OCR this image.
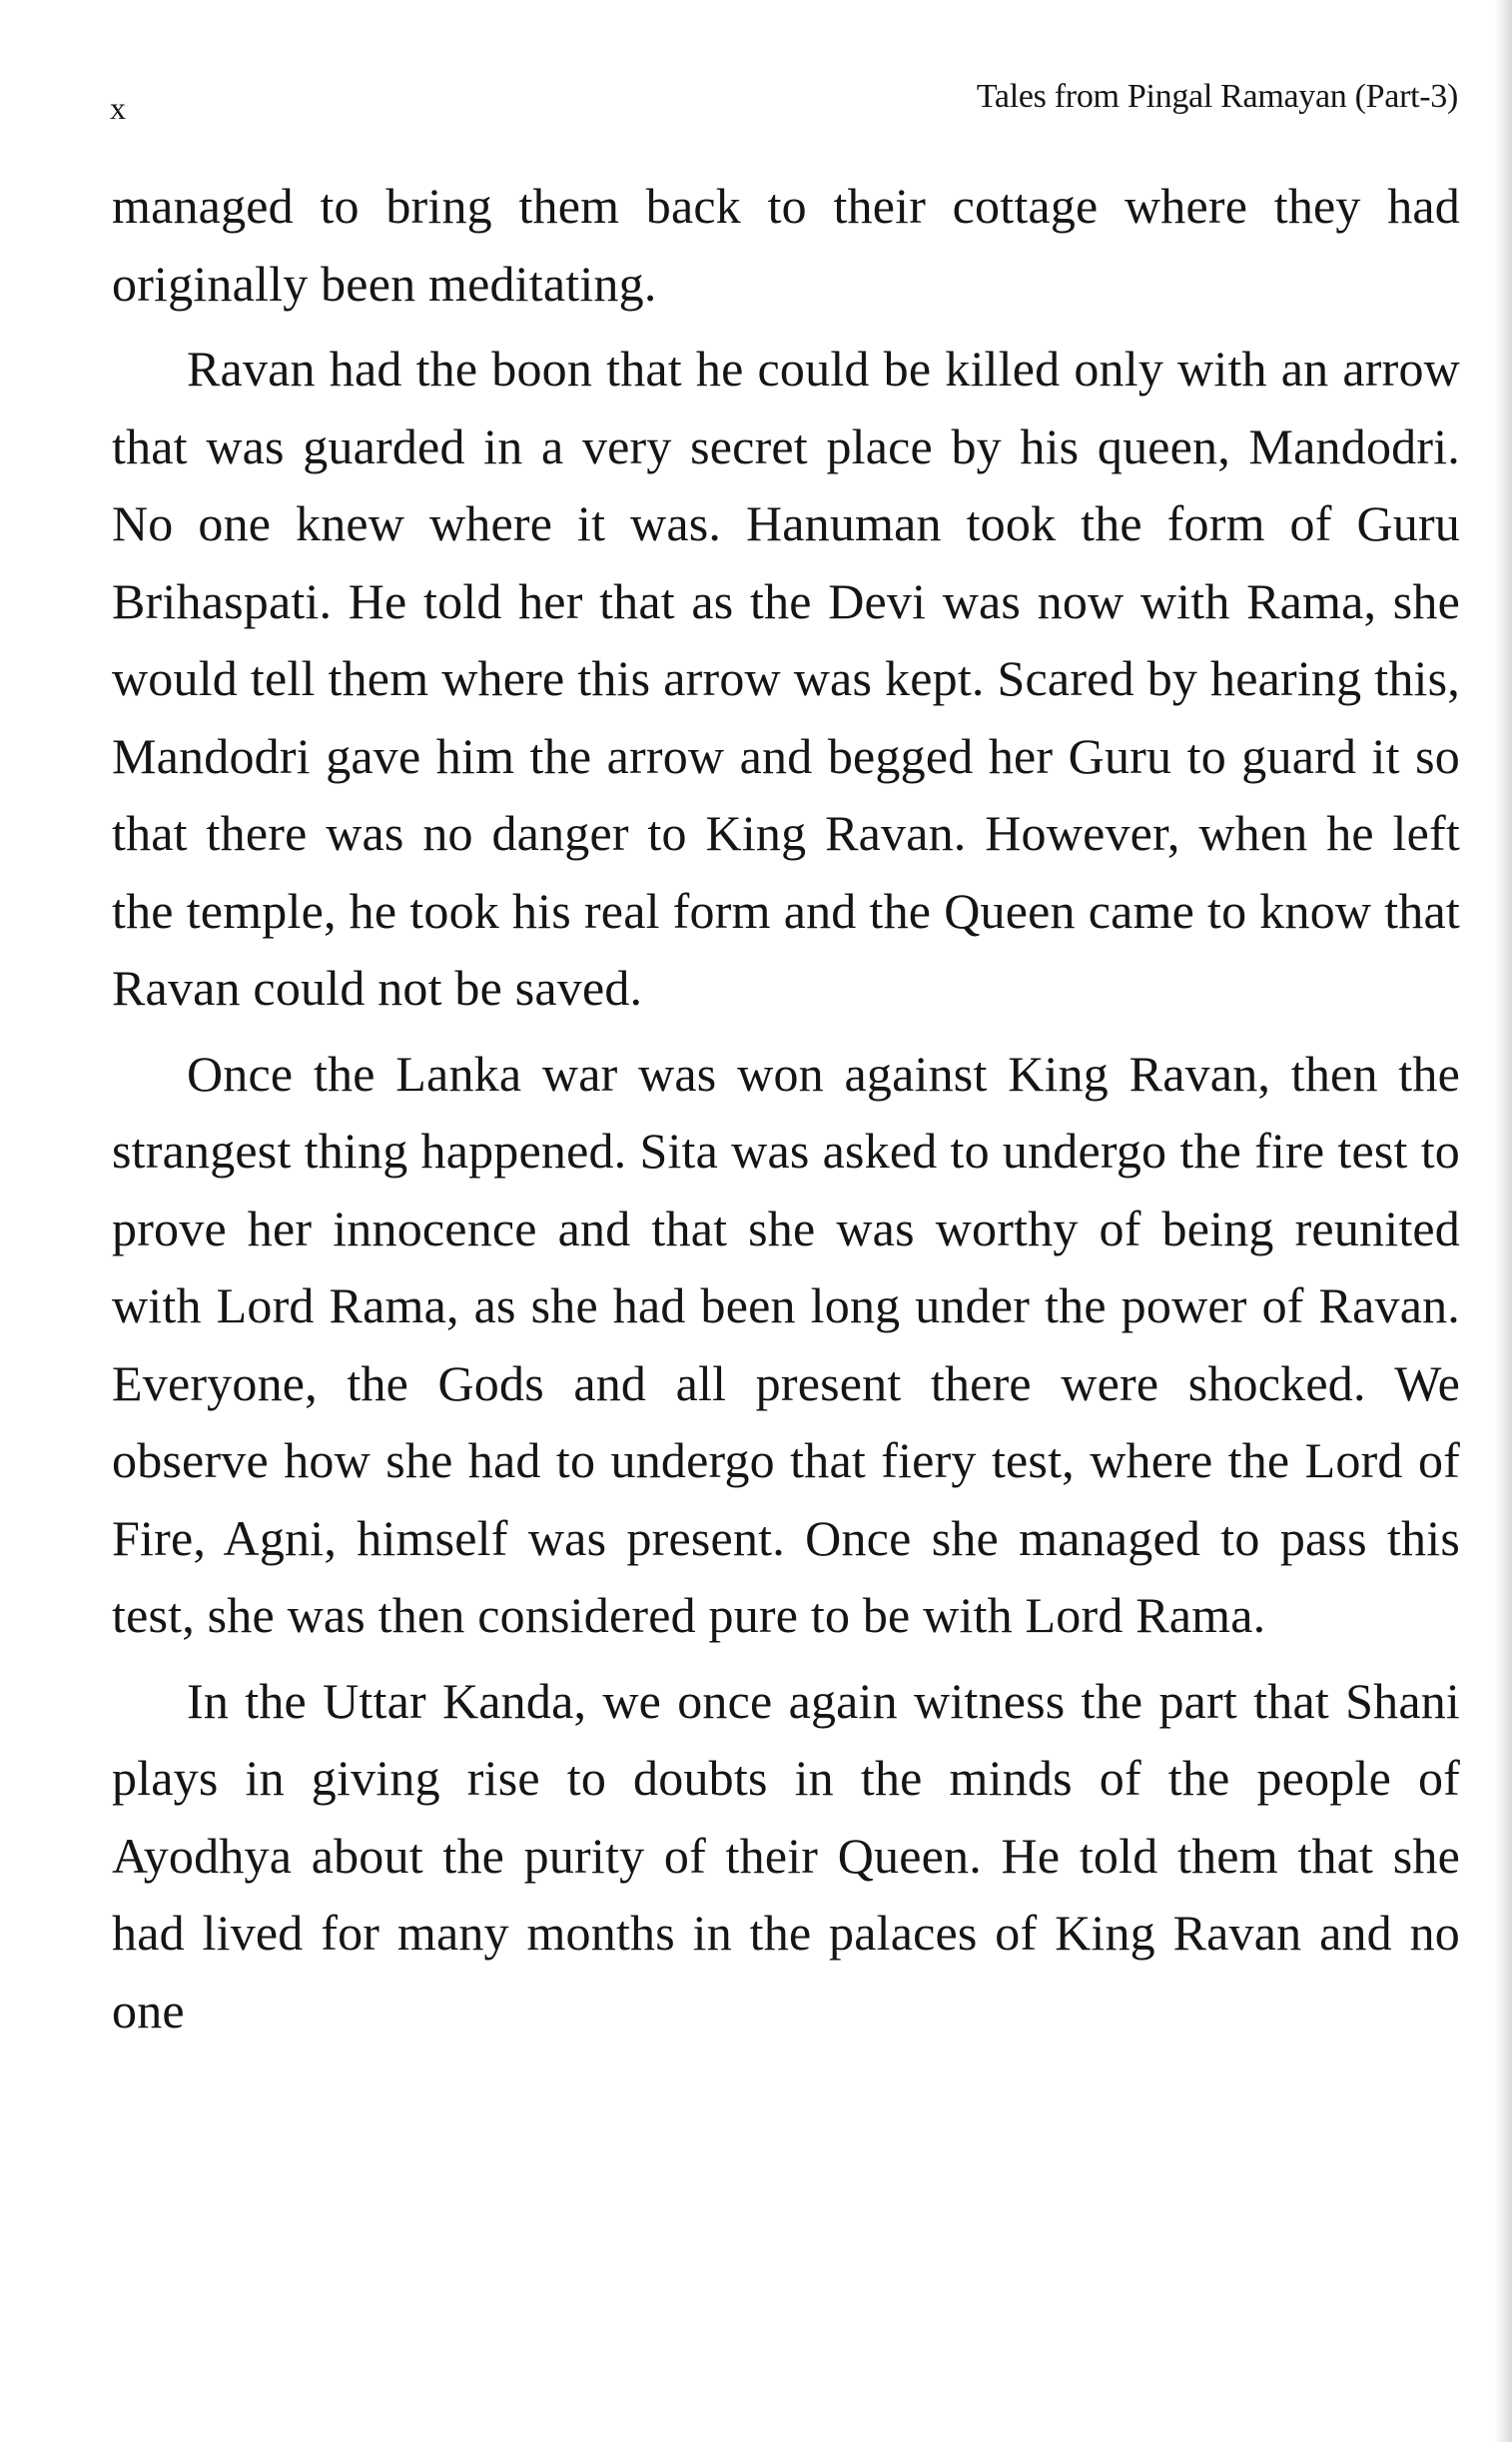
x	Tales from Pingal Ramayan (Part-3)

managed to bring them back to their cottage where they had originally been meditating.

Ravan had the boon that he could be killed only with an arrow that was guarded in a very secret place by his queen, Mandodri. No one knew where it was. Hanuman took the form of Guru Brihaspati. He told her that as the Devi was now with Rama, she would tell them where this arrow was kept. Scared by hearing this, Mandodri gave him the arrow and begged her Guru to guard it so that there was no danger to King Ravan. However, when he left the temple, he took his real form and the Queen came to know that Ravan could not be saved.

Once the Lanka war was won against King Ravan, then the strangest thing happened. Sita was asked to undergo the fire test to prove her innocence and that she was worthy of being reunited with Lord Rama, as she had been long under the power of Ravan. Everyone, the Gods and all present there were shocked. We observe how she had to undergo that fiery test, where the Lord of Fire, Agni, himself was present. Once she managed to pass this test, she was then considered pure to be with Lord Rama.

In the Uttar Kanda, we once again witness the part that Shani plays in giving rise to doubts in the minds of the people of Ayodhya about the purity of their Queen. He told them that she had lived for many months in the palaces of King Ravan and no one
